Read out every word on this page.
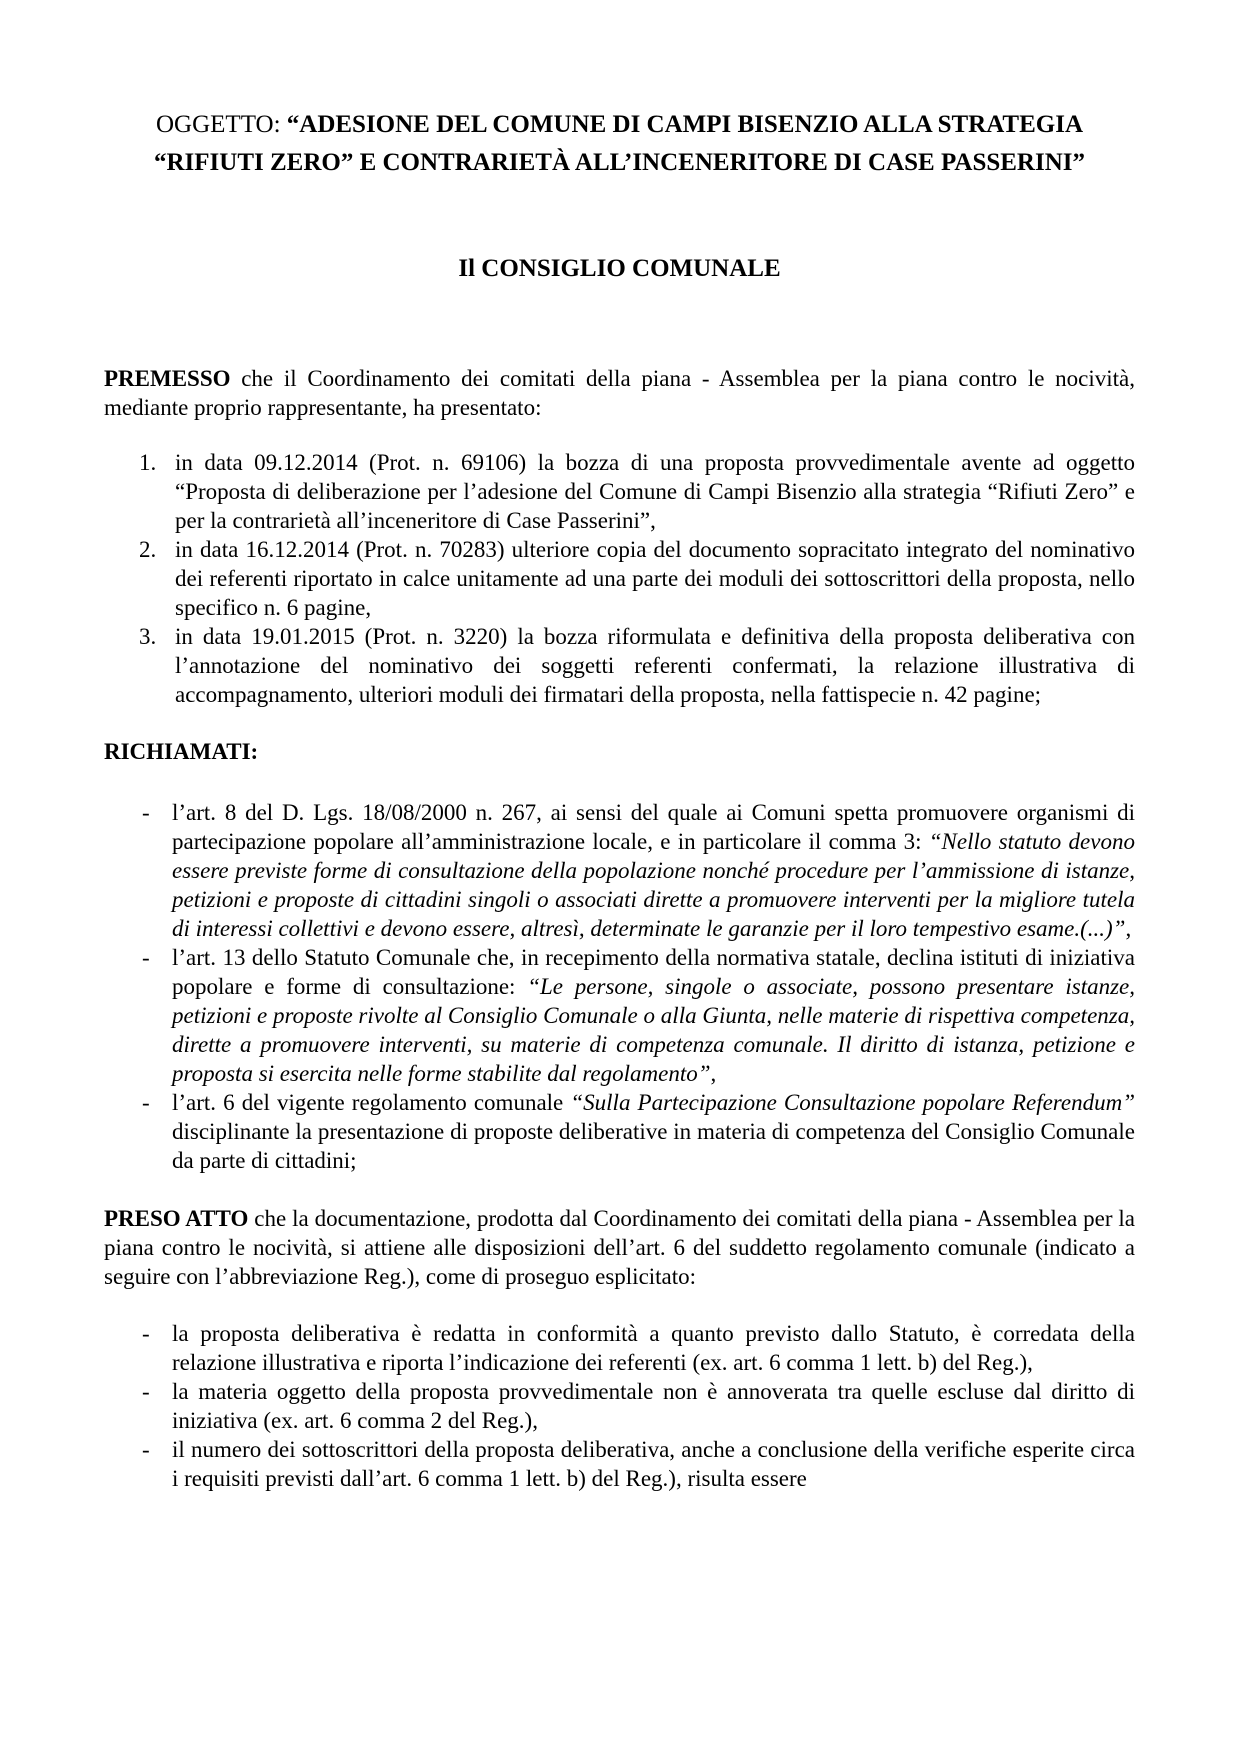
OGGETTO: “ADESIONE DEL COMUNE DI CAMPI BISENZIO ALLA STRATEGIA “RIFIUTI ZERO” E CONTRARIETÀ ALL’INCENERITORE DI CASE PASSERINI”

Il CONSIGLIO COMUNALE

PREMESSO che il Coordinamento dei comitati della piana - Assemblea per la piana contro le nocività, mediante proprio rappresentante, ha presentato:

1. in data 09.12.2014 (Prot. n. 69106) la bozza di una proposta provvedimentale avente ad oggetto “Proposta di deliberazione per l’adesione del Comune di Campi Bisenzio alla strategia “Rifiuti Zero” e per la contrarietà all’inceneritore di Case Passerini”,
2. in data 16.12.2014 (Prot. n. 70283) ulteriore copia del documento sopracitato integrato del nominativo dei referenti riportato in calce unitamente ad una parte dei moduli dei sottoscrittori della proposta, nello specifico n. 6 pagine,
3. in data 19.01.2015 (Prot. n. 3220) la bozza riformulata e definitiva della proposta deliberativa con l’annotazione del nominativo dei soggetti referenti confermati, la relazione illustrativa di accompagnamento, ulteriori moduli dei firmatari della proposta, nella fattispecie n. 42 pagine;

RICHIAMATI:

- l’art. 8 del D. Lgs. 18/08/2000 n. 267, ai sensi del quale ai Comuni spetta promuovere organismi di partecipazione popolare all’amministrazione locale, e in particolare il comma 3: “Nello statuto devono essere previste forme di consultazione della popolazione nonché procedure per l’ammissione di istanze, petizioni e proposte di cittadini singoli o associati dirette a promuovere interventi per la migliore tutela di interessi collettivi e devono essere, altresì, determinate le garanzie per il loro tempestivo esame.(...)”,
- l’art. 13 dello Statuto Comunale che, in recepimento della normativa statale, declina istituti di iniziativa popolare e forme di consultazione: “Le persone, singole o associate, possono presentare istanze, petizioni e proposte rivolte al Consiglio Comunale o alla Giunta, nelle materie di rispettiva competenza, dirette a promuovere interventi, su materie di competenza comunale. Il diritto di istanza, petizione e proposta si esercita nelle forme stabilite dal regolamento”,
- l’art. 6 del vigente regolamento comunale “Sulla Partecipazione Consultazione popolare Referendum” disciplinante la presentazione di proposte deliberative in materia di competenza del Consiglio Comunale da parte di cittadini;

PRESO ATTO che la documentazione, prodotta dal Coordinamento dei comitati della piana - Assemblea per la piana contro le nocività, si attiene alle disposizioni dell’art. 6 del suddetto regolamento comunale (indicato a seguire con l’abbreviazione Reg.), come di proseguo esplicitato:

- la proposta deliberativa è redatta in conformità a quanto previsto dallo Statuto, è corredata della relazione illustrativa e riporta l’indicazione dei referenti (ex. art. 6 comma 1 lett. b) del Reg.),
- la materia oggetto della proposta provvedimentale non è annoverata tra quelle escluse dal diritto di iniziativa (ex. art. 6 comma 2 del Reg.),
- il numero dei sottoscrittori della proposta deliberativa, anche a conclusione della verifiche esperite circa i requisiti previsti dall’art. 6 comma 1 lett. b) del Reg.), risulta essere
